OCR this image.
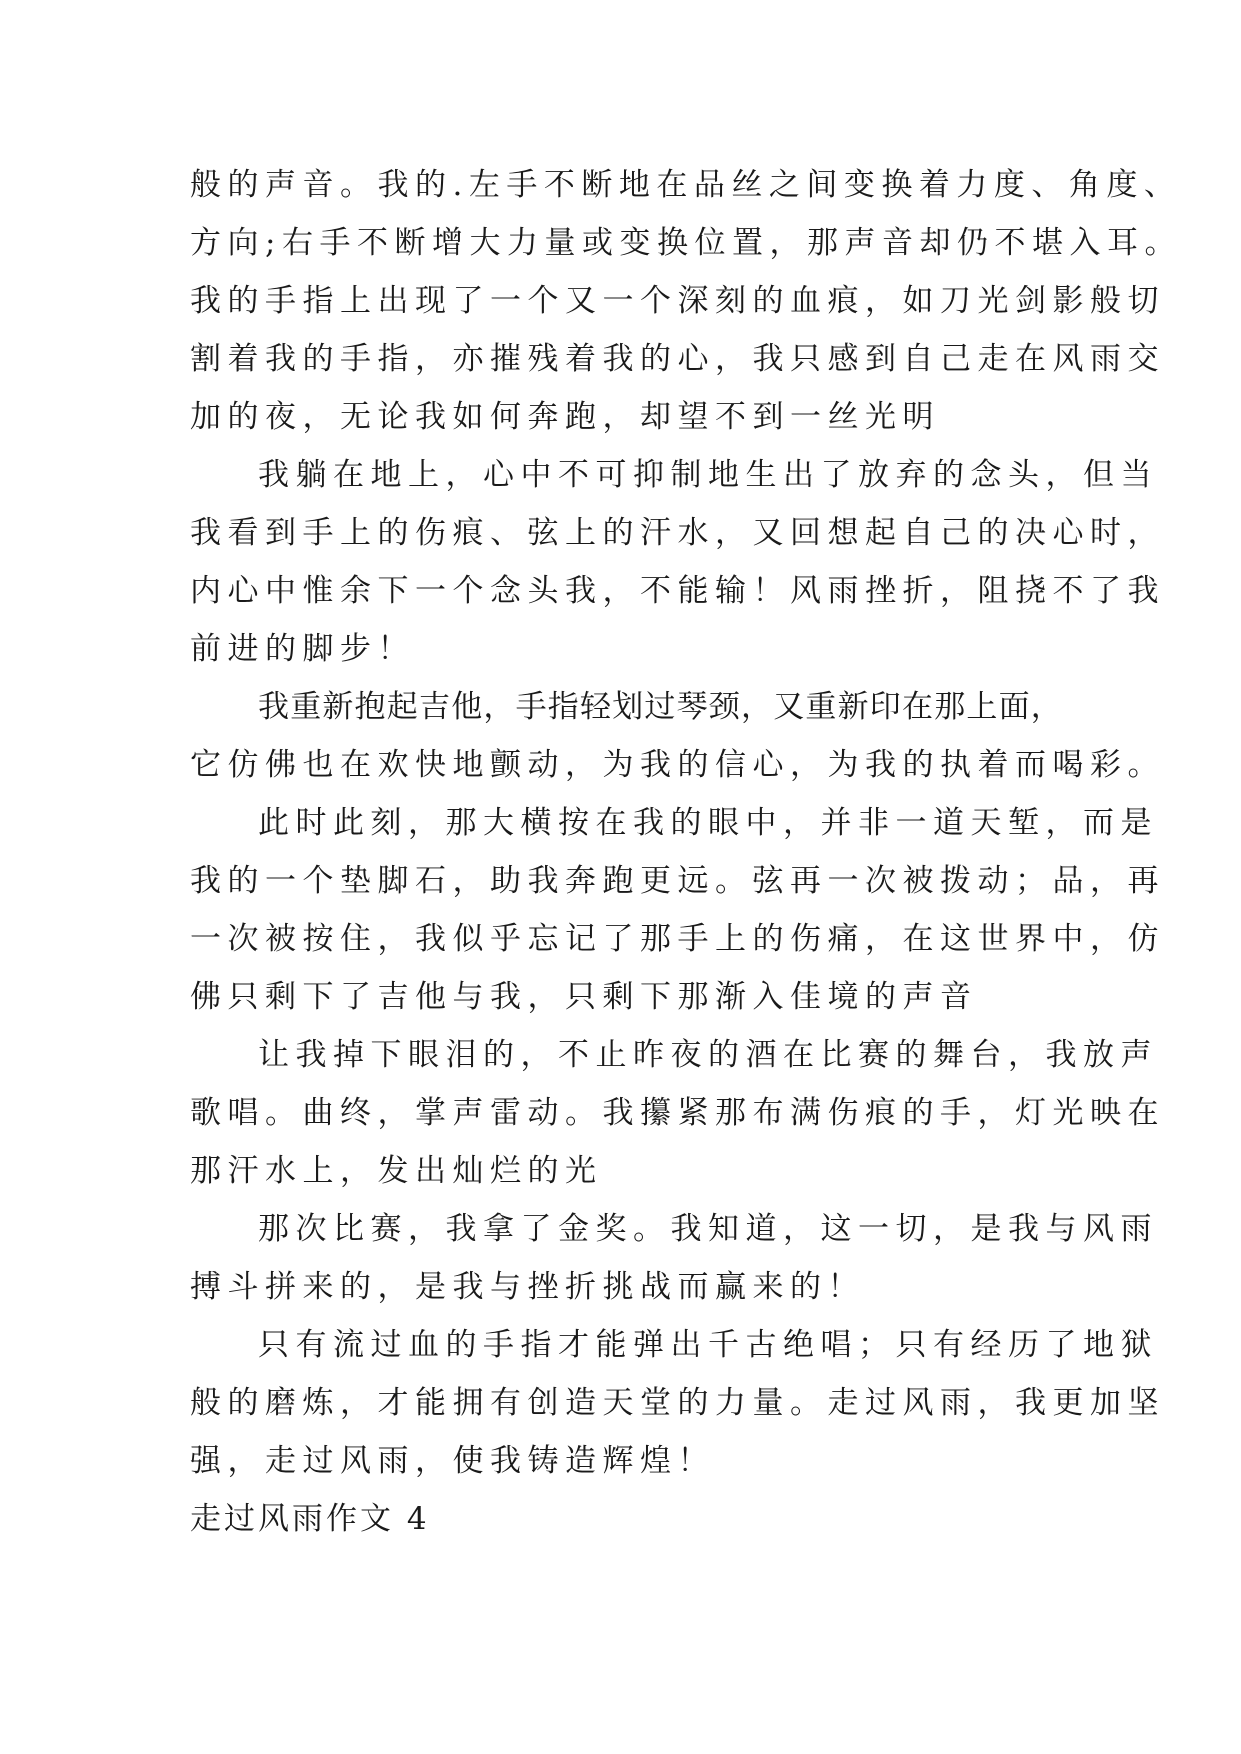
般的声音。我的.左手不断地在品丝之间变换着力度、角度、
方向;右手不断增大力量或变换位置，那声音却仍不堪入耳。
我的手指上出现了一个又一个深刻的血痕，如刀光剑影般切
割着我的手指，亦摧残着我的心，我只感到自己走在风雨交
加的夜，无论我如何奔跑，却望不到一丝光明
我躺在地上，心中不可抑制地生出了放弃的念头，但当
我看到手上的伤痕、弦上的汗水，又回想起自己的决心时，
内心中惟余下一个念头我，不能输！风雨挫折，阻挠不了我
前进的脚步！
我重新抱起吉他，手指轻划过琴颈，又重新印在那上面，
它仿佛也在欢快地颤动，为我的信心，为我的执着而喝彩。
此时此刻，那大横按在我的眼中，并非一道天堑，而是
我的一个垫脚石，助我奔跑更远。弦再一次被拨动；品，再
一次被按住，我似乎忘记了那手上的伤痛，在这世界中，仿
佛只剩下了吉他与我，只剩下那渐入佳境的声音
让我掉下眼泪的，不止昨夜的酒在比赛的舞台，我放声
歌唱。曲终，掌声雷动。我攥紧那布满伤痕的手，灯光映在
那汗水上，发出灿烂的光
那次比赛，我拿了金奖。我知道，这一切，是我与风雨
搏斗拼来的，是我与挫折挑战而赢来的！
只有流过血的手指才能弹出千古绝唱；只有经历了地狱
般的磨炼，才能拥有创造天堂的力量。走过风雨，我更加坚
强，走过风雨，使我铸造辉煌！
走过风雨作文 4
